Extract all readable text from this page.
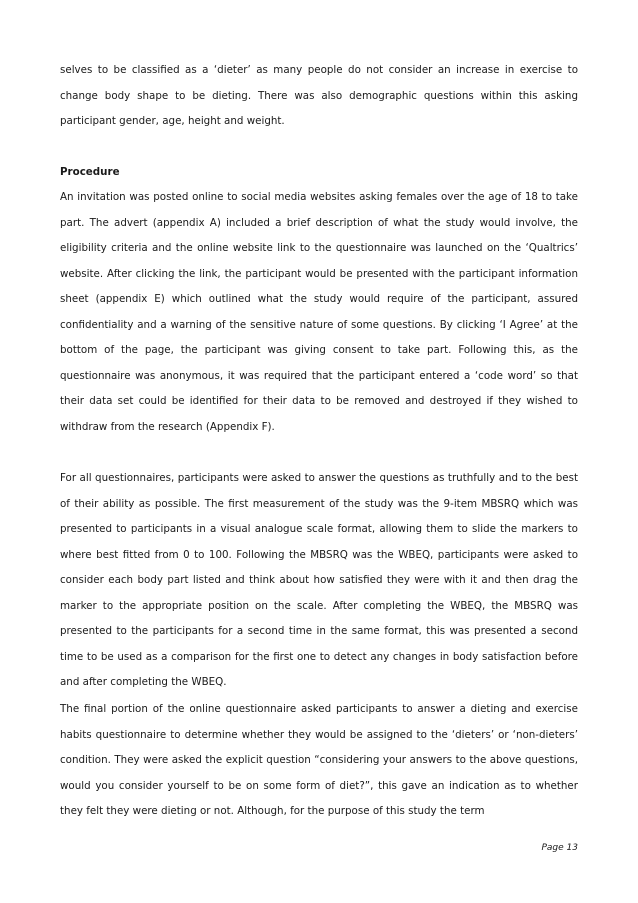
selves to be classified as a ‘dieter’ as many people do not consider an increase in exercise to change body shape to be dieting. There was also demographic questions within this asking participant gender, age, height and weight.

Procedure

An invitation was posted online to social media websites asking females over the age of 18 to take part. The advert (appendix A) included a brief description of what the study would involve, the eligibility criteria and the online website link to the questionnaire was launched on the ‘Qualtrics’ website. After clicking the link, the participant would be presented with the participant information sheet (appendix E) which outlined what the study would require of the participant, assured confidentiality and a warning of the sensitive nature of some questions. By clicking ‘I Agree’ at the bottom of the page, the participant was giving consent to take part. Following this, as the questionnaire was anonymous, it was required that the participant entered a ‘code word’ so that their data set could be identified for their data to be removed and destroyed if they wished to withdraw from the research (Appendix F).

For all questionnaires, participants were asked to answer the questions as truthfully and to the best of their ability as possible. The first measurement of the study was the 9-item MBSRQ which was presented to participants in a visual analogue scale format, allowing them to slide the markers to where best fitted from 0 to 100. Following the MBSRQ was the WBEQ, participants were asked to consider each body part listed and think about how satisfied they were with it and then drag the marker to the appropriate position on the scale. After completing the WBEQ, the MBSRQ was presented to the participants for a second time in the same format, this was presented a second time to be used as a comparison for the first one to detect any changes in body satisfaction before and after completing the WBEQ.

The final portion of the online questionnaire asked participants to answer a dieting and exercise habits questionnaire to determine whether they would be assigned to the ‘dieters’ or ‘non-dieters’ condition. They were asked the explicit question “considering your answers to the above questions, would you consider yourself to be on some form of diet?”, this gave an indication as to whether they felt they were dieting or not. Although, for the purpose of this study the term

Page 13
